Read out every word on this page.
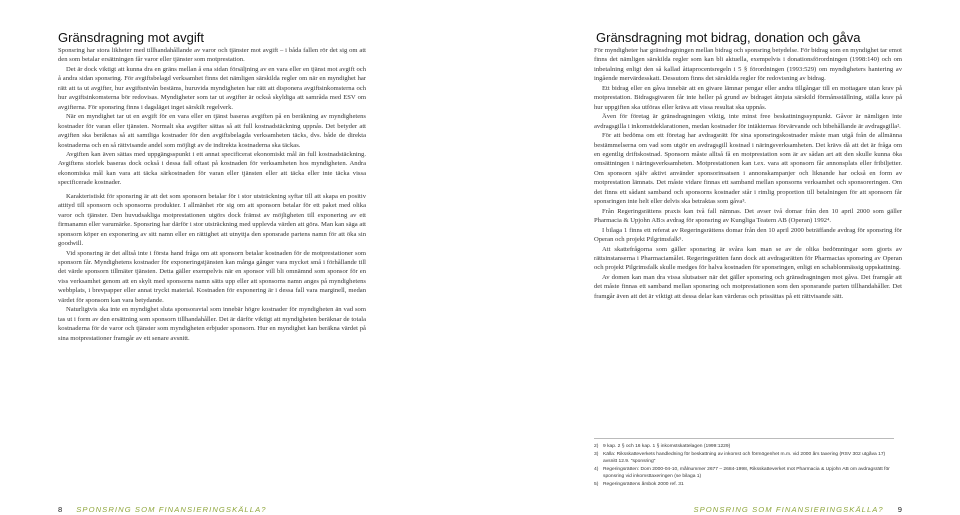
Gränsdragning mot avgift

Sponsring har stora likheter med tillhandahållande av varor och tjänster mot avgift – i båda fallen rör det sig om att den som betalar ersättningen får varor eller tjänster som motprestation.

Det är dock viktigt att kunna dra en gräns mellan å ena sidan försäljning av en vara eller en tjänst mot avgift och å andra sidan sponsring. För avgiftsbelagd verksamhet finns det nämligen särskilda regler om när en myndighet har rätt att ta ut avgifter, hur avgiftsnivån bestäms, huruvida myndigheten har rätt att disponera avgiftsinkomsterna och hur avgiftsinkomsterna bör redovisas. Myndigheter som tar ut avgifter är också skyldiga att samråda med ESV om avgifterna. För sponsring finns i dagsläget inget särskilt regelverk.

När en myndighet tar ut en avgift för en vara eller en tjänst baseras avgiften på en beräkning av myndighetens kostnader för varan eller tjänsten. Normalt ska avgifter sättas så att full kostnadstäckning uppnås. Det betyder att avgiften ska beräknas så att samtliga kostnader för den avgiftsbelagda verksamheten täcks, dvs. både de direkta kostnaderna och en så rättvisande andel som möjligt av de indirekta kostnaderna ska täckas.

Avgiften kan även sättas med uppgängsspunkt i ett annat specificerat ekonomiskt mål än full kostnadstäckning. Avgiftens storlek baseras dock också i dessa fall oftast på kostnaden för verksamheten hos myndigheten. Andra ekonomiska mål kan vara att täcka särkostnaden för varan eller tjänsten eller att täcka eller inte täcka vissa specificerade kostnader.

Karakteristiskt för sponsring är att det som sponsorn betalar för i stor utsträckning syftar till att skapa en positiv attityd till sponsorn och sponsorns produkter. I allmänhet rör sig om att sponsorn betalar för ett paket med olika varor och tjänster. Den huvudsakliga motprestationen utgörs dock främst av möjligheten till exponering av ett firmanamn eller varumärke. Sponsring har därför i stor utsträckning med upplevda värden att göra. Man kan säga att sponsorn köper en exponering av sitt namn eller en rättighet att utnyttja den sponsrade partens namn för att öka sin goodwill.

Vid sponsring är det alltså inte i första hand fråga om att sponsorn betalar kostnaden för de motprestationer som sponsorn får. Myndighetens kostnader för exponeringstjänsten kan många gånger vara mycket små i förhållande till det värde sponsorn tillmäter tjänsten. Detta gäller exempelvis när en sponsor vill bli omnämnd som sponsor för en viss verksamhet genom att en skylt med sponsorns namn sätts upp eller att sponsorns namn anges på myndighetens webbplats, i brevpapper eller annat tryckt material. Kostnaden för exponering är i dessa fall vara marginell, medan värdet för sponsorn kan vara betydande.

Naturligtvis ska inte en myndighet sluta sponsoravtal som innebär högre kostnader för myndigheten än vad som tas ut i form av den ersättning som sponsorn tillhandahåller. Det är därför viktigt att myndigheten beräknar de totala kostnaderna för de varor och tjänster som myndigheten erbjuder sponsorn. Hur en myndighet kan beräkna värdet på sina motprestationer framgår av ett senare avsnitt.

8 SPONSRING SOM FINANSIERINGSKÄLLA?
Gränsdragning mot bidrag, donation och gåva

För myndigheter har gränsdragningen mellan bidrag och sponsring betydelse. För bidrag som en myndighet tar emot finns det nämligen särskilda regler som kan bli aktuella, exempelvis i donationsförordningen (1998:140) och om inbetalning enligt den så kallad åttaprocentsregeln i 5 § förordningen (1993:529) om myndigheters hantering av ingående mervärdesskatt. Dessutom finns det särskilda regler för redovisning av bidrag.

Ett bidrag eller en gåva innebär att en givare lämnar pengar eller andra tillgångar till en mottagare utan krav på motprestation. Bidragsgivaren får inte heller på grund av bidraget åtnjuta särskild förmånsställning, ställa krav på hur uppgiften ska utföras eller kräva att vissa resultat ska uppnås.

Även för företag är gränsdragningen viktig, inte minst free beskattningssynpunkt. Gåvor är nämligen inte avdragsgilla i inkomstdeklarationen, medan kostnader för intäkternas förvärvande och bibehållande är avdragsgilla².

För att bedöma om ett företag har avdragsrätt för sina sponsringskostnader måste man utgå från de allmänna bestämmelserna om vad som utgör en avdragsgill kostnad i näringsverksamheten. Det krävs då att det är fråga om en egentlig driftskostnad. Sponsorn måste alltså få en motprestation som är av sådan art att den skulle kunna öka omsättningen i näringsverksamheten. Motprestationen kan t.ex. vara att sponsorn får annonsplats eller fribiljetter. Om sponsorn själv aktivt använder sponsorinsatsen i annonskampanjer och liknande har också en form av motprestation lämnats. Det måste vidare finnas ett samband mellan sponsorns verksamhet och sponsoreringen. Om det finns ett sådant samband och sponsorns kostnader står i rimlig proportion till betalningen för att sponsorn får sponsringen inte helt eller delvis ska betraktas som gåva³.

Från Regeringsrättens praxis kan två fall nämnas. Det avser två domar från den 10 april 2000 som gäller Pharmacia & Upjohn AB:s avdrag för sponsring av Kungliga Teatern AB (Operan) 1992⁴.

I bilaga 1 finns ett referat av Regeringsrättens domar från den 10 april 2000 beträffande avdrag för sponsring för Operan och projekt Pilgrimsfalk⁵.

Att skattefrågorna som gäller sponsring är svåra kan man se av de olika bedömningar som gjorts av rättsinstanserna i Pharmaciamålet. Regeringsrätten fann dock att avdragsrätten för Pharmacias sponsring av Operan och projekt Pilgrimsfalk skulle medges för halva kostnaden för sponsringen, enligt en schablonmässig uppskattning.

Av domen kan man dra vissa slutsatser när det gäller sponsring och gränsdragningen mot gåva. Det framgår att det måste finnas ett samband mellan sponsring och motprestationen som den sponsrande parten tillhandahåller. Det framgår även att det är viktigt att dessa delar kan värderas och prissättas på ett rättvisande sätt.

2) 9 kap. 2 § och 16 kap. 1 § inkomstskattelagen (1999:1229)
3) Källa: Riksskatteverkets handledning för beskattning av inkomst och förmögenhet m.m. vid 2000 års taxering (RSV 302 utgåva 17) avsnitt 12.9. "sponsring"
4) Regeringsrätten: Dom 2000-04-10, målnummer 2677 – 2684-1998, Riksskatteverket mot Pharmacia & Upjohn AB om avdragsrätt för sponsring vid inkomsttaxeringen (se bilaga 1)
5) Regeringsrättens årsbok 2000 ref. 31
SPONSRING SOM FINANSIERINGSKÄLLA? 9
